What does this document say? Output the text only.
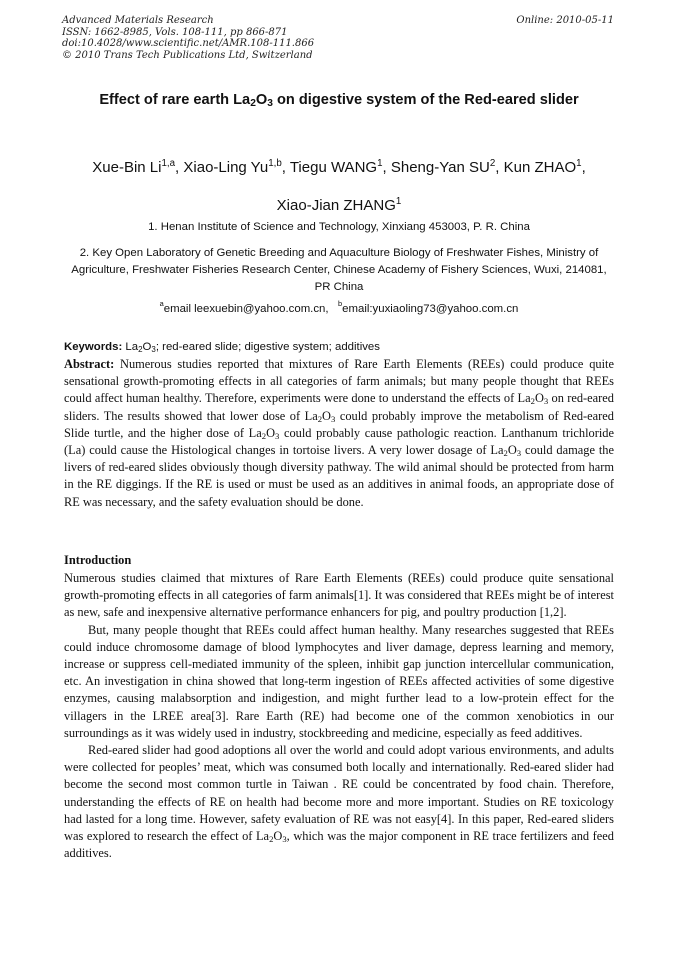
Advanced Materials Research
ISSN: 1662-8985, Vols. 108-111, pp 866-871
doi:10.4028/www.scientific.net/AMR.108-111.866
© 2010 Trans Tech Publications Ltd, Switzerland
Online: 2010-05-11
Effect of rare earth $La_2O_3$ on digestive system of the Red-eared slider
Xue-Bin Li$^{1,a}$, Xiao-Ling Yu$^{1,b}$, Tiegu WANG$^1$, Sheng-Yan $SU^2$, Kun ZHAO$^1$,
Xiao-Jian ZHANG$^1$
1. Henan Institute of Science and Technology, Xinxiang 453003, P. R. China
2. Key Open Laboratory of Genetic Breeding and Aquaculture Biology of Freshwater Fishes, Ministry of Agriculture, Freshwater Fisheries Research Center, Chinese Academy of Fishery Sciences, Wuxi, 214081, PR China
$^a$email leexuebin@yahoo.com.cn, $^b$email:yuxiaoling73@yahoo.com.cn
Keywords: $La_2O_3$; red-eared slide; digestive system; additives

Abstract: Numerous studies reported that mixtures of Rare Earth Elements (REEs) could produce quite sensational growth-promoting effects in all categories of farm animals; but many people thought that REEs could affect human healthy. Therefore, experiments were done to understand the effects of $La_2O_3$ on red-eared sliders. The results showed that lower dose of $La_2O_3$ could probably improve the metabolism of Red-eared Slide turtle, and the higher dose of $La_2O_3$ could probably cause pathologic reaction. Lanthanum trichloride (La) could cause the Histological changes in tortoise livers. A very lower dosage of $La_2O_3$ could damage the livers of red-eared slides obviously though diversity pathway. The wild animal should be protected from harm in the RE diggings. If the RE is used or must be used as an additives in animal foods, an appropriate dose of RE was necessary, and the safety evaluation should be done.

Introduction

Numerous studies claimed that mixtures of Rare Earth Elements (REEs) could produce quite sensational growth-promoting effects in all categories of farm animals[1]. It was considered that REEs might be of interest as new, safe and inexpensive alternative performance enhancers for pig, and poultry production [1,2].

But, many people thought that REEs could affect human healthy. Many researches suggested that REEs could induce chromosome damage of blood lymphocytes and liver damage, depress learning and memory, increase or suppress cell-mediated immunity of the spleen, inhibit gap junction intercellular communication, etc. An investigation in china showed that long-term ingestion of REEs affected activities of some digestive enzymes, causing malabsorption and indigestion, and might further lead to a low-protein effect for the villagers in the LREE area[3]. Rare Earth (RE) had become one of the common xenobiotics in our surroundings as it was widely used in industry, stockbreeding and medicine, especially as feed additives.

Red-eared slider had good adoptions all over the world and could adopt various environments, and adults were collected for peoples’ meat, which was consumed both locally and internationally. Red-eared slider had become the second most common turtle in Taiwan . RE could be concentrated by food chain. Therefore, understanding the effects of RE on health had become more and more important. Studies on RE toxicology had lasted for a long time. However, safety evaluation of RE was not easy[4]. In this paper, Red-eared sliders was explored to research the effect of $La_2O_3$, which was the major component in RE trace fertilizers and feed additives.
